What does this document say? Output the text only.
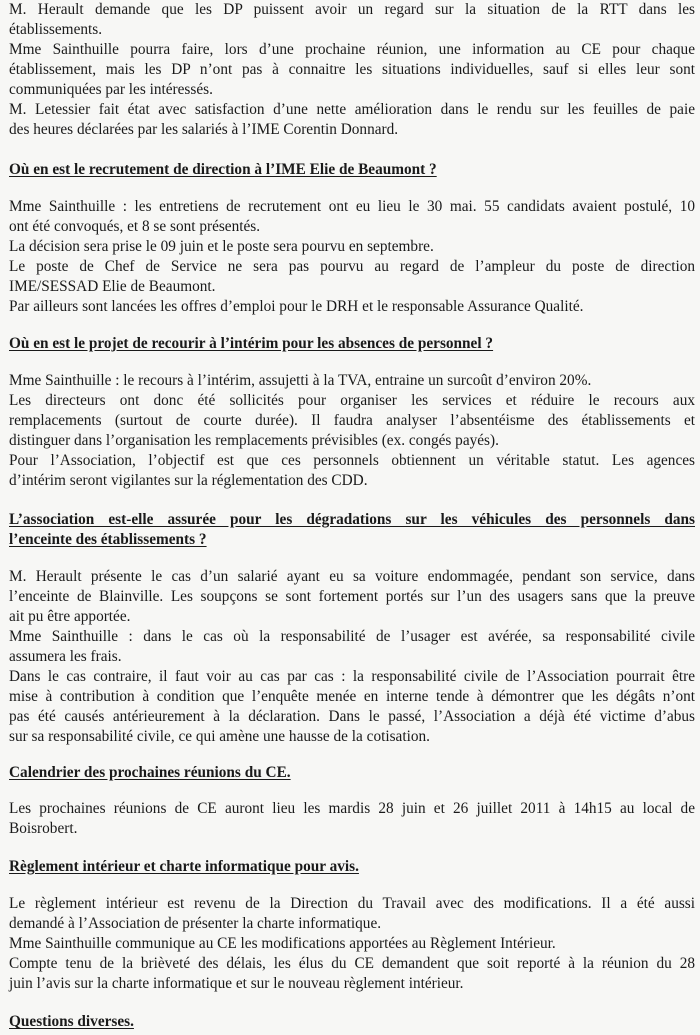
M. Herault demande que les DP puissent avoir un regard sur la situation de la RTT dans les
établissements.
Mme Sainthuille pourra faire, lors d’une prochaine réunion, une information au CE pour chaque
établissement, mais les DP n’ont pas à connaitre les situations individuelles, sauf si elles leur sont
communiquées par les intéressés.
M. Letessier fait état avec satisfaction d’une nette amélioration dans le rendu sur les feuilles de paie
des heures déclarées par les salariés à l’IME Corentin Donnard.
Où en est le recrutement de direction à l’IME Elie de Beaumont ?
Mme Sainthuille : les entretiens de recrutement ont eu lieu le 30 mai. 55 candidats avaient postulé, 10
ont été convoqués, et 8 se sont présentés.
La décision sera prise le 09 juin et le poste sera pourvu en septembre.
Le poste de Chef de Service ne sera pas pourvu au regard de l’ampleur du poste de direction
IME/SESSAD Elie de Beaumont.
Par ailleurs sont lancées les offres d’emploi pour le DRH et le responsable Assurance Qualité.
Où en est le projet de recourir à l’intérim pour les absences de personnel ?
Mme Sainthuille : le recours à l’intérim, assujetti à la TVA, entraine un surcoût d’environ 20%.
Les directeurs ont donc été sollicités pour organiser les services et réduire le recours aux
remplacements (surtout de courte durée). Il faudra analyser l’absentéisme des établissements et
distinguer dans l’organisation les remplacements prévisibles (ex. congés payés).
Pour l’Association, l’objectif est que ces personnels obtiennent un véritable statut. Les agences
d’intérim seront vigilantes sur la réglementation des CDD.
L’association est-elle assurée pour les dégradations sur les véhicules des personnels dans
l’enceinte des établissements ?
M. Herault présente le cas d’un salarié ayant eu sa voiture endommagée, pendant son service, dans
l’enceinte de Blainville. Les soupçons se sont fortement portés sur l’un des usagers sans que la preuve
ait pu être apportée.
Mme Sainthuille : dans le cas où la responsabilité de l’usager est avérée, sa responsabilité civile
assumera les frais.
Dans le cas contraire, il faut voir au cas par cas : la responsabilité civile de l’Association pourrait être
mise à contribution à condition que l’enquête menée en interne tende à démontrer que les dégâts n’ont
pas été causés antérieurement à la déclaration. Dans le passé, l’Association a déjà été victime d’abus
sur sa responsabilité civile, ce qui amène une hausse de la cotisation.
Calendrier des prochaines réunions du CE.
Les prochaines réunions de CE auront lieu les mardis 28 juin et 26 juillet 2011 à 14h15 au local de
Boisrobert.
Règlement intérieur et charte informatique pour avis.
Le règlement intérieur est revenu de la Direction du Travail avec des modifications. Il a été aussi
demandé à l’Association de présenter la charte informatique.
Mme Sainthuille communique au CE les modifications apportées au Règlement Intérieur.
Compte tenu de la brièveté des délais, les élus du CE demandent que soit reporté à la réunion du 28
juin l’avis sur la charte informatique et sur le nouveau règlement intérieur.
Questions diverses.
